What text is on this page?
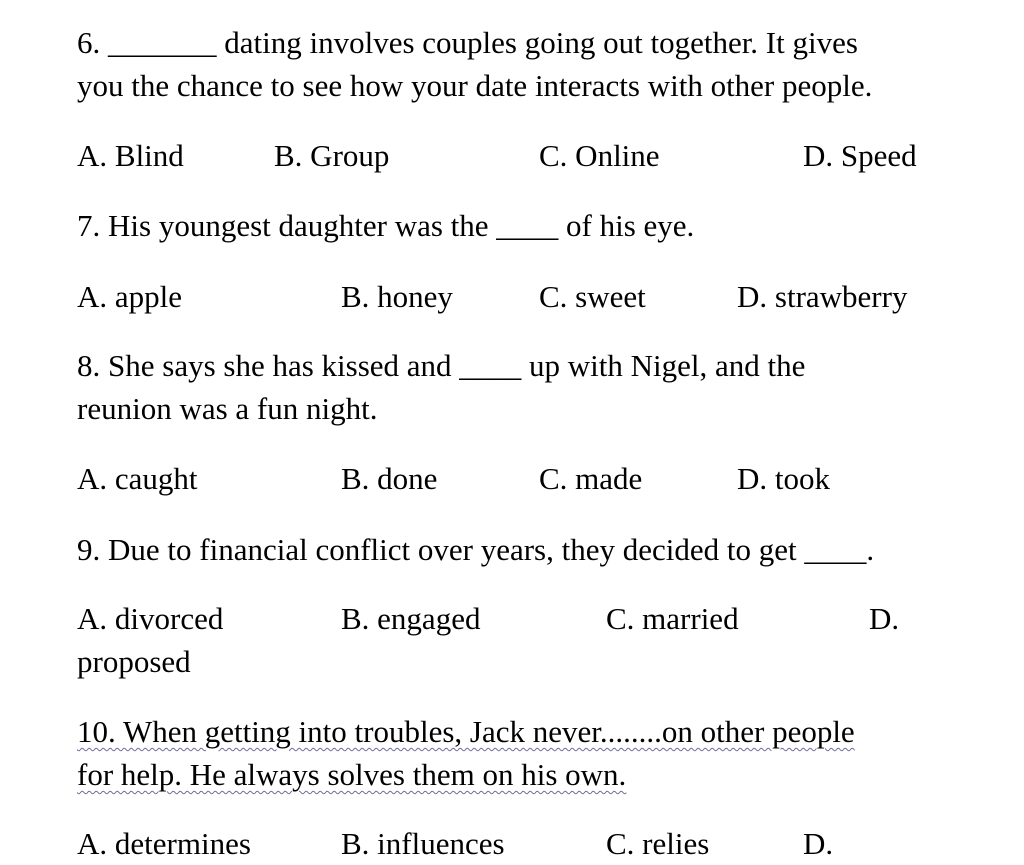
6. _______ dating involves couples going out together. It gives
you the chance to see how your date interacts with other people.
A. Blind	B. Group	C. Online	D. Speed
7. His youngest daughter was the ____ of his eye.
A. apple	B. honey	C. sweet	D. strawberry
8. She says she has kissed and ____ up with Nigel, and the
reunion was a fun night.
A. caught	B. done	C. made	D. took
9. Due to financial conflict over years, they decided to get ____.
A. divorced	B. engaged	C. married	D.
proposed
10. When getting into troubles, Jack never........on other people
for help. He always solves them on his own.
A. determines	B. influences	C. relies	D.
